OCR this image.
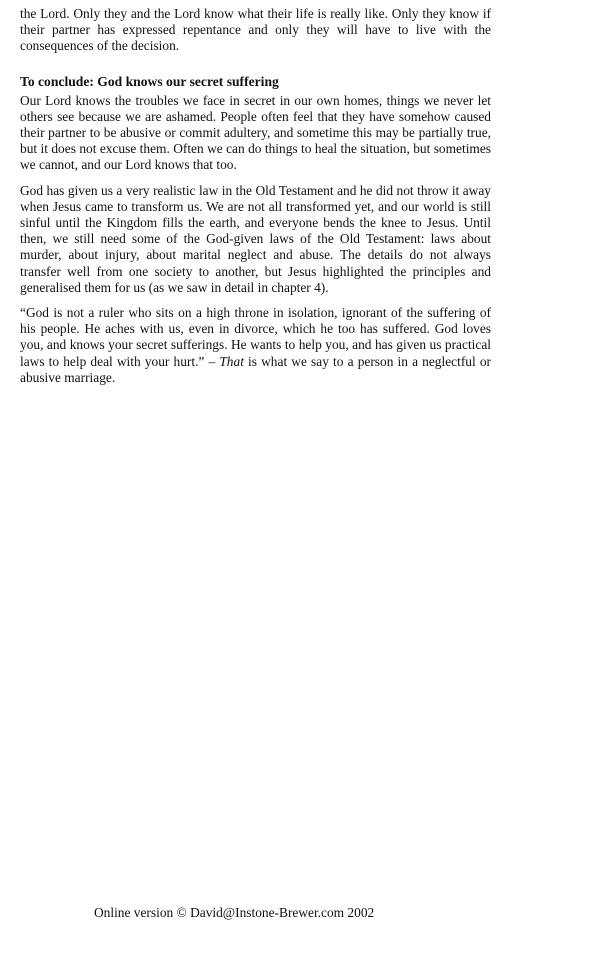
the Lord. Only they and the Lord know what their life is really like. Only they know if their partner has expressed repentance and only they will have to live with the consequences of the decision.

To conclude: God knows our secret suffering

Our Lord knows the troubles we face in secret in our own homes, things we never let others see because we are ashamed. People often feel that they have somehow caused their partner to be abusive or commit adultery, and sometime this may be partially true, but it does not excuse them. Often we can do things to heal the situation, but sometimes we cannot, and our Lord knows that too.

God has given us a very realistic law in the Old Testament and he did not throw it away when Jesus came to transform us. We are not all transformed yet, and our world is still sinful until the Kingdom fills the earth, and everyone bends the knee to Jesus. Until then, we still need some of the God-given laws of the Old Testament: laws about murder, about injury, about marital neglect and abuse. The details do not always transfer well from one society to another, but Jesus highlighted the principles and generalised them for us (as we saw in detail in chapter 4).

“God is not a ruler who sits on a high throne in isolation, ignorant of the suffering of his people. He aches with us, even in divorce, which he too has suffered. God loves you, and knows your secret sufferings. He wants to help you, and has given us practical laws to help deal with your hurt.” – That is what we say to a person in a neglectful or abusive marriage.

Online version © David@Instone-Brewer.com 2002
